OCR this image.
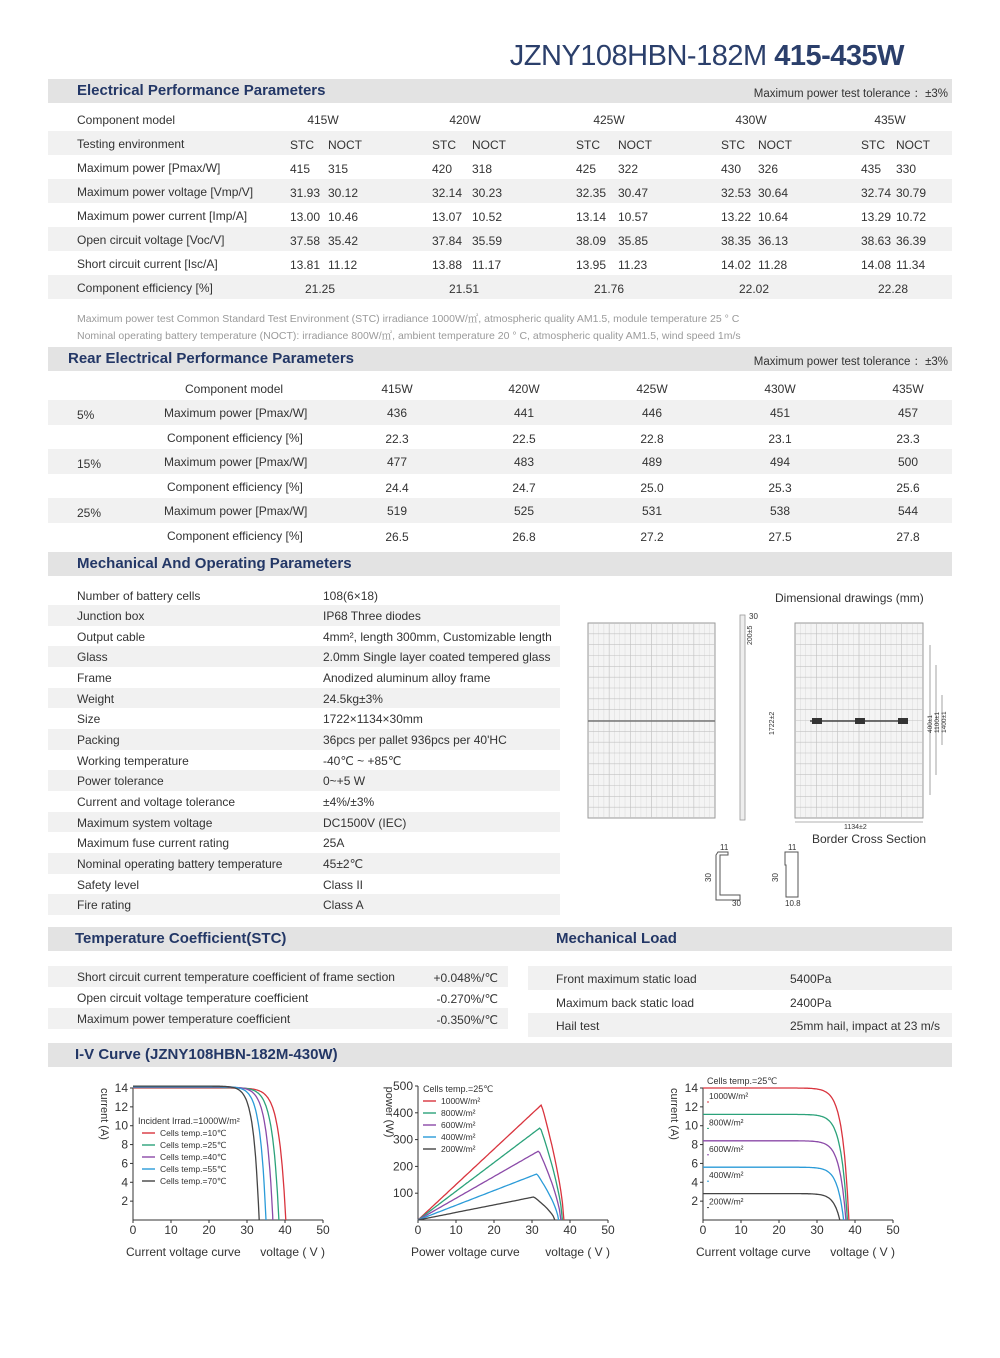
JZNY108HBN-182M 415-435W
Electrical Performance Parameters	Maximum power test tolerance ：±3%
Component model	415W	420W	425W	430W	435W
Testing environment	STC NOCT	STC NOCT	STC NOCT	STC NOCT	STC NOCT
Maximum power [Pmax/W]	415 315	420 318	425 322	430 326	435 330
Maximum power voltage [Vmp/V]	31.93 30.12	32.14 30.23	32.35 30.47	32.53 30.64	32.74 30.79
Maximum power current [Imp/A]	13.00 10.46	13.07 10.52	13.14 10.57	13.22 10.64	13.29 10.72
Open circuit voltage [Voc/V]	37.58 35.42	37.84 35.59	38.09 35.85	38.35 36.13	38.63 36.39
Short circuit current [Isc/A]	13.81 11.12	13.88 11.17	13.95 11.23	14.02 11.28	14.08 11.34
Component efficiency [%]	21.25	21.51	21.76	22.02	22.28
Maximum power test Common Standard Test Environment (STC) irradiance 1000W/㎡, atmospheric quality AM1.5, module temperature 25 ° C
Nominal operating battery temperature (NOCT): irradiance 800W/㎡, ambient temperature 20 ° C, atmospheric quality AM1.5, wind speed 1m/s
Rear Electrical Performance Parameters	Maximum power test tolerance ：±3%
Component model	415W	420W	425W	430W	435W
5%	Maximum power [Pmax/W]	436	441	446	451	457
Component efficiency [%]	22.3	22.5	22.8	23.1	23.3
15%	Maximum power [Pmax/W]	477	483	489	494	500
Component efficiency [%]	24.4	24.7	25.0	25.3	25.6
25%	Maximum power [Pmax/W]	519	525	531	538	544
Component efficiency [%]	26.5	26.8	27.2	27.5	27.8
Mechanical And Operating Parameters
Number of battery cells	108(6×18)
Junction box	IP68 Three diodes
Output cable	4mm², length 300mm, Customizable length
Glass	2.0mm Single layer coated tempered glass
Frame	Anodized aluminum alloy frame
Weight	24.5kg±3%
Size	1722×1134×30mm
Packing	36pcs per pallet 936pcs per 40'HC
Working temperature	-40℃ ~ +85℃
Power tolerance	0~+5 W
Current and voltage tolerance	±4%/±3%
Maximum system voltage	DC1500V (IEC)
Maximum fuse current rating	25A
Nominal operating battery temperature	45±2℃
Safety level	Class II
Fire rating	Class A
Dimensional drawings (mm)
30
200±5
1722±2	400±1 1100±1 1400±1
1134±2
11
30
30
11
30
10.8
Border Cross Section
Temperature Coefficient(STC)	Mechanical Load
Short circuit current temperature coefficient of frame section	+0.048%/℃
Open circuit voltage temperature coefficient	-0.270%/℃
Maximum power temperature coefficient	-0.350%/℃
Front maximum static load	5400Pa
Maximum back static load	2400Pa
Hail test	25mm hail, impact at 23 m/s
I-V Curve (JZNY108HBN-182M-430W)
0 10 20 30 40 50
2
4
6
8
10
12
14
current (A)
Current voltage curve voltage ( V )
Incident Irrad.=1000W/m²
Cells temp.=10℃
Cells temp.=25℃
Cells temp.=40℃
Cells temp.=55℃
Cells temp.=70℃
0 10 20 30 40 50
100
200
300
400
500
power (W)
Power voltage curve voltage ( V )
Cells temp.=25℃
1000W/m²
800W/m²
600W/m²
400W/m²
200W/m²
0 10 20 30 40 50
2
4
6
8
10
12
14
current (A)
Current voltage curve voltage ( V )
Cells temp.=25℃
1000W/m²
800W/m²
600W/m²
400W/m²
200W/m²
